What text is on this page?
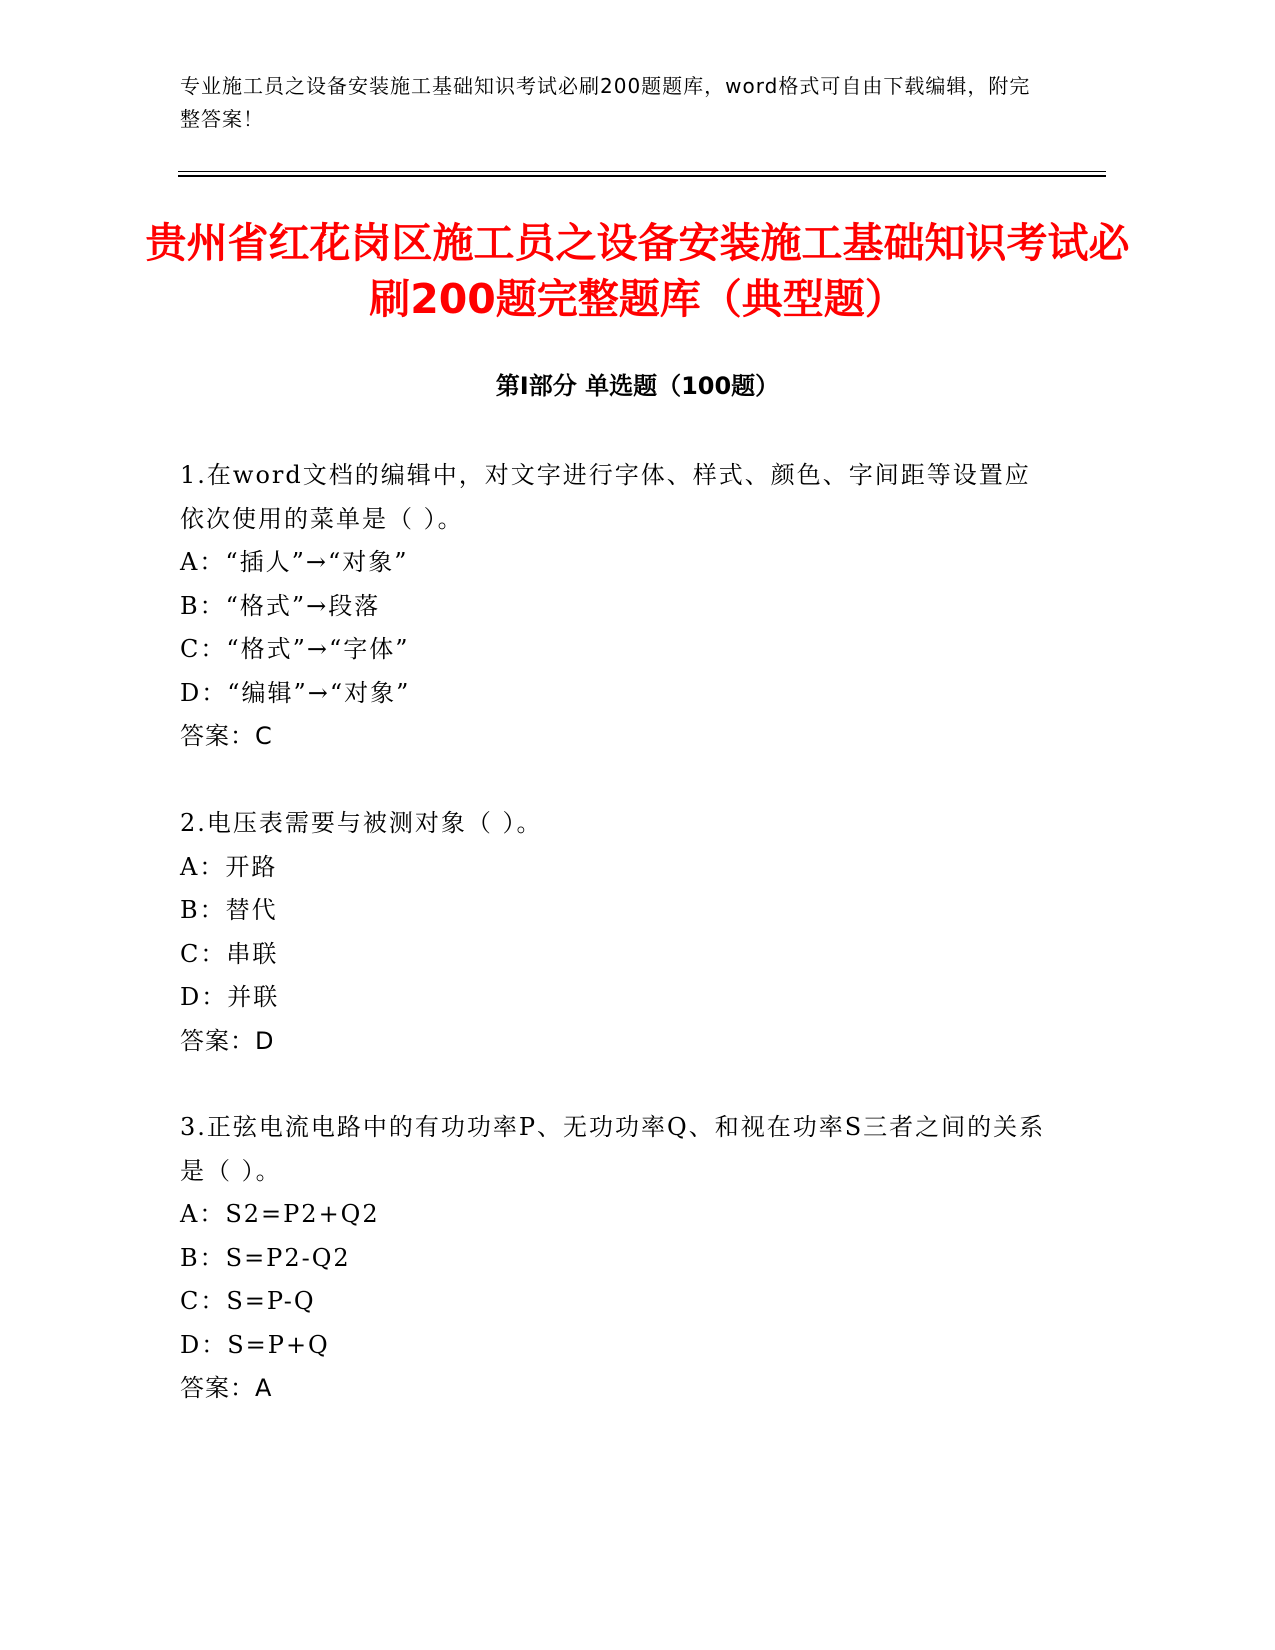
专业施工员之设备安装施工基础知识考试必刷200题题库，word格式可自由下载编辑，附完整答案！
贵州省红花岗区施工员之设备安装施工基础知识考试必刷200题完整题库（典型题）
第Ⅰ部分 单选题（100题）
1.在word文档的编辑中，对文字进行字体、样式、颜色、字间距等设置应依次使用的菜单是（ ）。
A：“插人”→“对象”
B：“格式”→段落
C：“格式”→“字体”
D：“编辑”→“对象”
答案：C
2.电压表需要与被测对象（ ）。
A：开路
B：替代
C：串联
D：并联
答案：D
3.正弦电流电路中的有功功率P、无功功率Q、和视在功率S三者之间的关系是（ ）。
A：S2=P2+Q2
B：S=P2-Q2
C：S=P-Q
D：S=P+Q
答案：A
